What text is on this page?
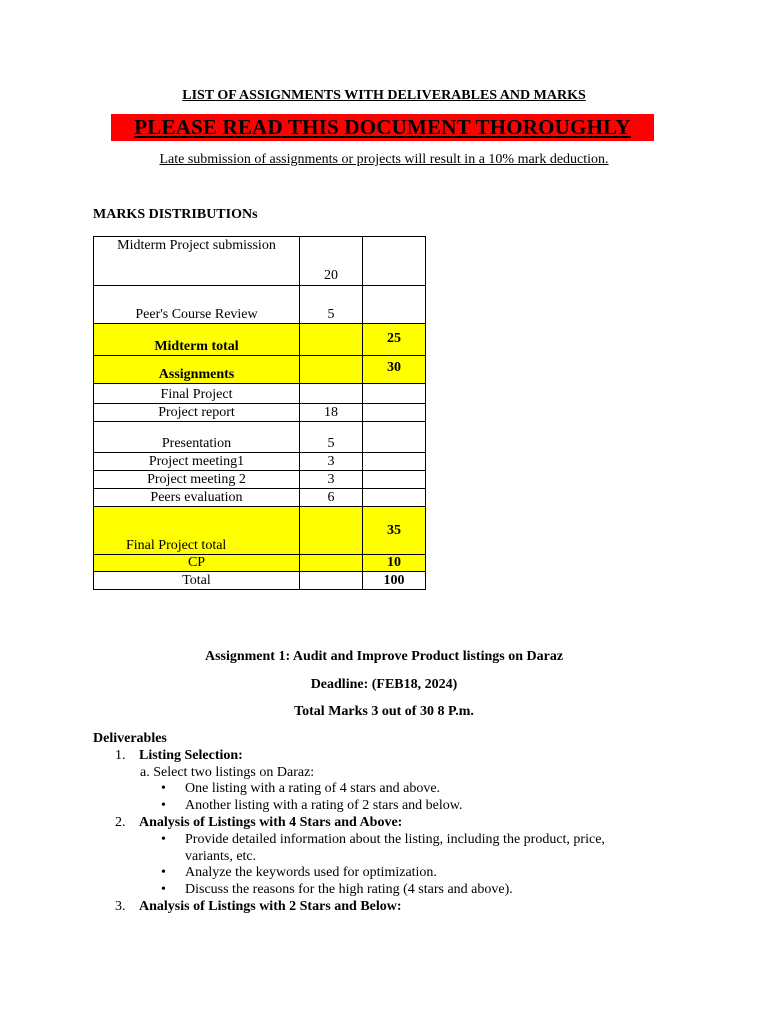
LIST OF ASSIGNMENTS WITH DELIVERABLES AND MARKS
PLEASE READ THIS DOCUMENT THOROUGHLY
Late submission of assignments or projects will result in a 10% mark deduction.
MARKS DISTRIBUTIONs
Midterm Project submission	20	
Peer's Course Review	5	
Midterm total		25
Assignments		30
Final Project		
Project report	18	
Presentation	5	
Project meeting1	3	
Project meeting 2	3	
Peers evaluation	6	
Final Project total		35
CP		10
Total		100
Assignment 1: Audit and Improve Product listings on Daraz
Deadline: (FEB18, 2024)
Total Marks 3 out of 30 8 P.m.
Deliverables
1. Listing Selection:
a. Select two listings on Daraz:
• One listing with a rating of 4 stars and above.
• Another listing with a rating of 2 stars and below.
2. Analysis of Listings with 4 Stars and Above:
• Provide detailed information about the listing, including the product, price,
variants, etc.
• Analyze the keywords used for optimization.
• Discuss the reasons for the high rating (4 stars and above).
3. Analysis of Listings with 2 Stars and Below:
